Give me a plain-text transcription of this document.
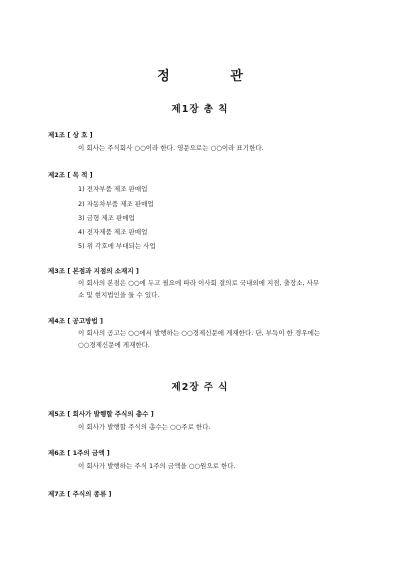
정 관
제1장 총 칙
제1조 [ 상 호 ]
이 회사는 주식회사 ○○이라 한다. 영문으로는 ○○이라 표기한다.
제2조 [ 목 적 ]
1) 전자부품 제조 판매업
2) 자동차부품 제조 판매업
3) 금형 제조 판매업
4) 전자제품 제조 판매업
5) 위 각호에 부대되는 사업
제3조 [ 본점과 지점의 소재지 ]
이 회사의 본점은 ○○에 두고 필요에 따라 이사회 결의로 국내외에 지점, 출장소, 사무
소 및 현지법인을 둘 수 있다.
제4조 [ 공고방법 ]
이 회사의 공고는 ○○에서 발행하는 ○○경제신문에 게재한다. 단, 부득이 한 경우에는
○○경제신문에 게재한다.
제2장 주 식
제5조 [ 회사가 발행할 주식의 총수 ]
이 회사가 발행할 주식의 총수는 ○○주로 한다.
제6조 [ 1주의 금액 ]
이 회사가 발행하는 주식 1주의 금액을 ○○원으로 한다.
제7조 [ 주식의 종류 ]
